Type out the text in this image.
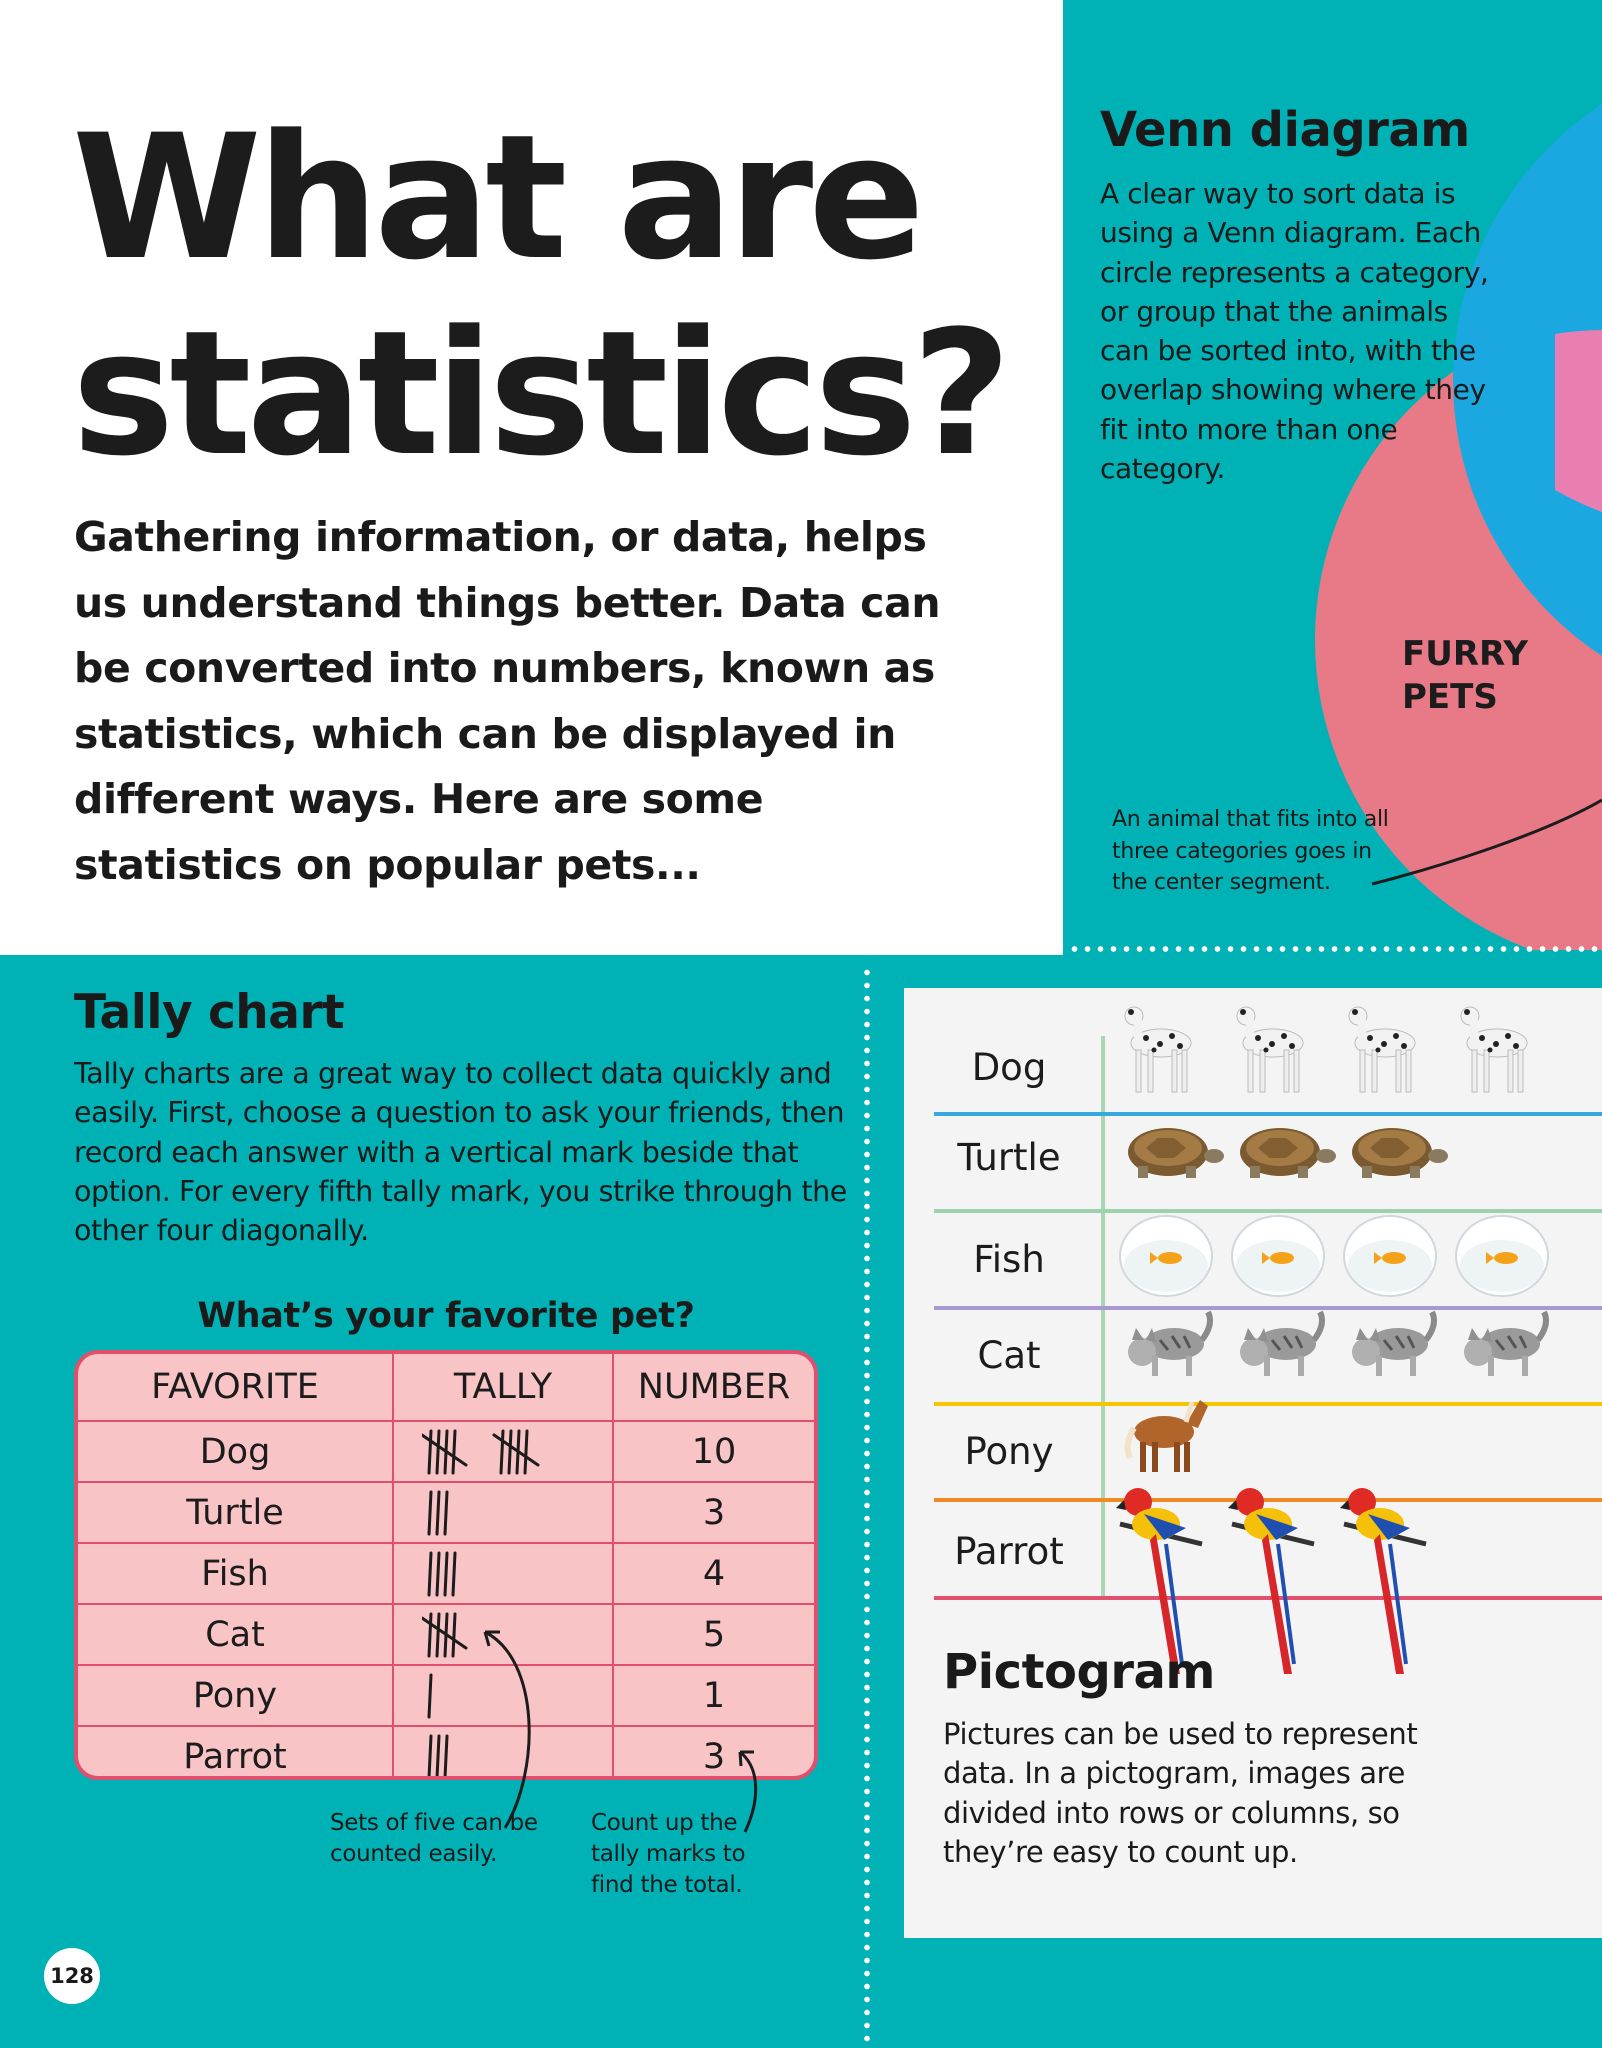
What are statistics?

Gathering information, or data, helps us understand things better. Data can be converted into numbers, known as statistics, which can be displayed in different ways. Here are some statistics on popular pets...

Venn diagram

A clear way to sort data is using a Venn diagram. Each circle represents a category, or group that the animals can be sorted into, with the overlap showing where they fit into more than one category.

FURRY PETS
An animal that fits into all three categories goes in the center segment.
Tally chart

Tally charts are a great way to collect data quickly and easily. First, choose a question to ask your friends, then record each answer with a vertical mark beside that option. For every fifth tally mark, you strike through the other four diagonally.

What’s your favorite pet?
FAVORITE	TALLY	NUMBER
Dog		10
Turtle		3
Fish		4
Cat		5
Pony		1
Parrot		3
Sets of five can be counted easily.
Count up the tally marks to find the total.
128
Dog
Turtle
Fish
Cat
Pony
Parrot
Pictogram

Pictures can be used to represent data. In a pictogram, images are divided into rows or columns, so they’re easy to count up.
